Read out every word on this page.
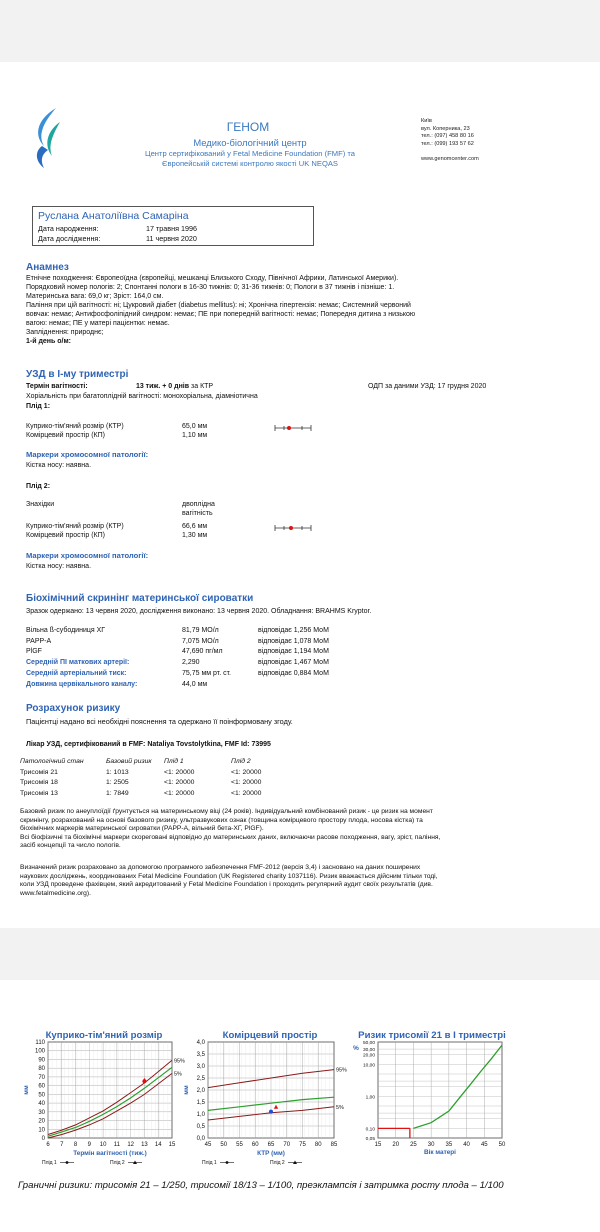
ГЕНОМ
Медико-біологічний центр
Центр сертифікований у Fetal Medicine Foundation (FMF) та
Європейській системі контролю якості UK NEQAS
Київ
вул. Коперника, 23
тел.: (097) 458 80 16
тел.: (099) 193 57 62
www.genomcenter.com
Руслана Анатоліївна Самаріна
Дата народження:	17 травня 1996
Дата дослідження:	11 червня 2020
Анамнез
Етнічне походження: Європеоїдна (європейці, мешканці Близького Сходу, Північної Африки, Латинської Америки).
Порядковий номер пологів: 2; Спонтанні пологи в 16-30 тижнів: 0; 31-36 тижнів: 0; Пологи в 37 тижнів і пізніше: 1.
Материнська вага: 69,0 кг; Зріст: 164,0 см.
Паління при цій вагітності: ні; Цукровий діабет (diabetus mellitus): ні; Хронічна гіпертензія: немає; Системний червоний
вовчак: немає; Антифосфоліпідний синдром: немає; ПЕ при попередній вагітності: немає; Попередня дитина з низькою
вагою: немає; ПЕ у матері пацієнтки: немає.
Запліднення: природнє;
1-й день о/м:
УЗД в І-му триместрі
Термін вагітності:	13 тиж. + 0 днів за КТР	ОДП за даними УЗД: 17 грудня 2020
Хоріальність при багатоплідній вагітності: монохоріальна, діамніотична
Плід 1:
Куприко-тім'яний розмір (КТР)	65,0 мм
Комірцевий простір (КП)	1,10 мм
Маркери хромосомної патології:
Кістка носу: наявна.
Плід 2:
Знахідки	двоплідна
вагітність
Куприко-тім'яний розмір (КТР)	66,6 мм
Комірцевий простір (КП)	1,30 мм
Маркери хромосомної патології:
Кістка носу: наявна.
Біохімічний скринінг материнської сироватки
Зразок одержано: 13 червня 2020, дослідження виконано: 13 червня 2020. Обладнання: BRAHMS Kryptor.
Вільна ß-субодиниця ХГ	81,79 МО/л	відповідає 1,256 МоМ
PAPP-A	7,075 МО/л	відповідає 1,078 МоМ
PlGF	47,690 пг/мл	відповідає 1,194 МоМ
Середній ПІ маткових артерії:	2,290	відповідає 1,467 МоМ
Середній артеріальний тиск:	75,75 мм рт. ст.	відповідає 0,884 МоМ
Довжина цервікального каналу:	44,0 мм
Розрахунок ризику
Пацієнтці надано всі необхідні пояснення та одержано її поінформовану згоду.
Лікар УЗД, сертифікований в FMF: Nataliya Tovstolytkina, FMF Id: 73995
Патологічний стан	Базовий ризик	Плід 1	Плід 2
Трисомія 21	1: 1013	<1: 20000	<1: 20000
Трисомія 18	1: 2505	<1: 20000	<1: 20000
Трисомія 13	1: 7849	<1: 20000	<1: 20000
Базовий ризик по анеуплоїдії ґрунтується на материнському віці (24 років). Індивідуальний комбінований ризик - це ризик на момент
скринінгу, розрахований на основі базового ризику, ультразвукових ознак (товщина комірцевого простору плода, носова кістка) та
біохімічних маркерів материнської сироватки (PAPP-A, вільний бета-ХГ, PlGF).
Всі біофізичні та біохімічні маркери скореговані відповідно до материнських даних, включаючи расове походження, вагу, зріст, паління,
засіб концепції та число пологів.
Визначений ризик розраховано за допомогою програмного забезпечення FMF-2012 (версія 3,4) і засновано на даних поширених
наукових досліджень, координованих Fetal Medicine Foundation (UK Registered charity 1037116). Ризик вважається дійсним тільки тоді,
коли УЗД проведене фахівцем, який акредитований у Fetal Medicine Foundation і проходить регулярний аудит своїх результатів (див.
www.fetalmedicine.org).
Куприко-тім'яний розмір
6 7 8 9 10 11 12 13 14 15
0
10
20
30
40
50
60
70
80
90
100
110
95%
5%
Термін вагітності (тиж.)
мм
Плід 1	Плід 2
Комірцевий простір
45 50 55 60 65 70 75 80 85
0,0
0,5
1,0
1,5
2,0
2,5
3,0
3,5
4,0
95%
5%
КТР (мм)
мм
Плід 1	Плід 2
Ризик трисомії 21 в І триместрі
15 20 25 30 35 40 45 50
0,05
0,10
1,00
10,00
20,00
30,00
50,00
Вік матері
%
Граничні ризики: трисомія 21 – 1/250, трисомії 18/13 – 1/100, преэклампсія і затримка росту плода – 1/100
